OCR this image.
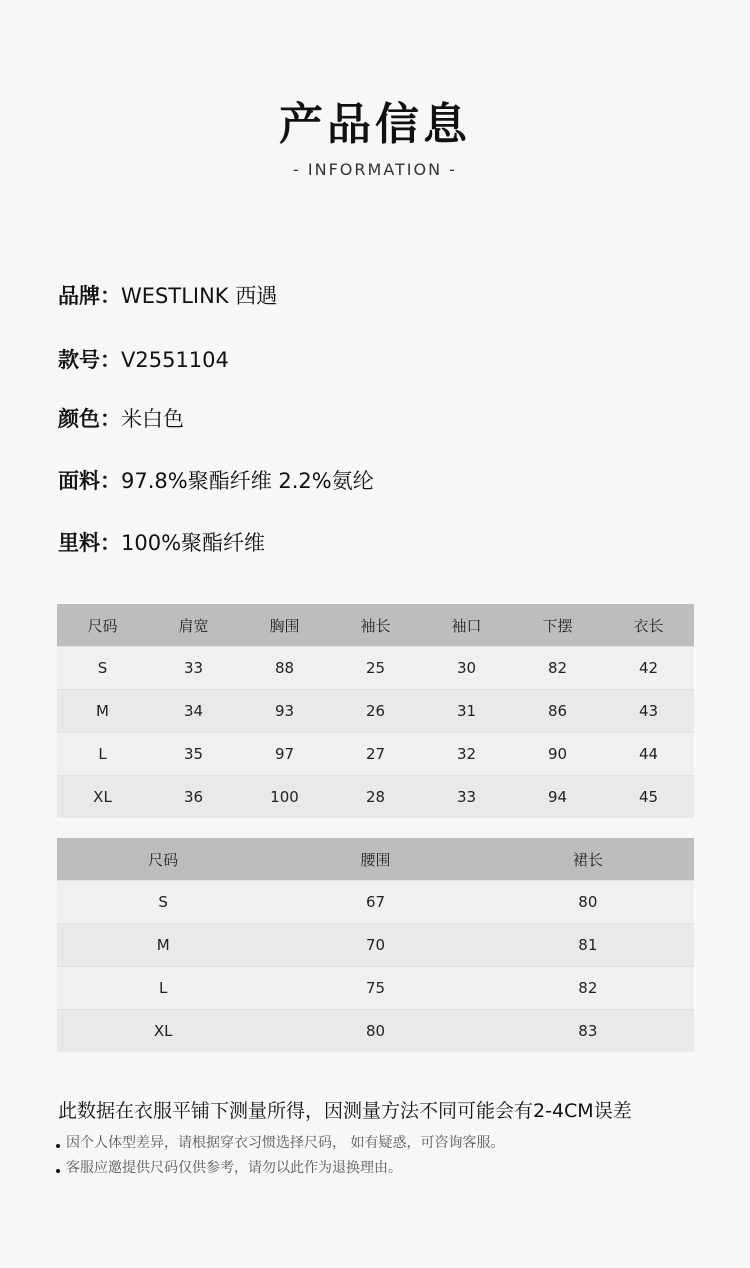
产品信息
- INFORMATION -
品牌：WESTLINK 西遇
款号：V2551104
颜色：米白色
面料：97.8%聚酯纤维 2.2%氨纶
里料：100%聚酯纤维
尺码	肩宽	胸围	袖长	袖口	下摆	衣长
S	33	88	25	30	82	42
M	34	93	26	31	86	43
L	35	97	27	32	90	44
XL	36	100	28	33	94	45
尺码	腰围	裙长
S	67	80
M	70	81
L	75	82
XL	80	83
此数据在衣服平铺下测量所得，因测量方法不同可能会有2-4CM误差
因个人体型差异，请根据穿衣习惯选择尺码， 如有疑惑，可咨询客服。
客服应邀提供尺码仅供参考，请勿以此作为退换理由。
